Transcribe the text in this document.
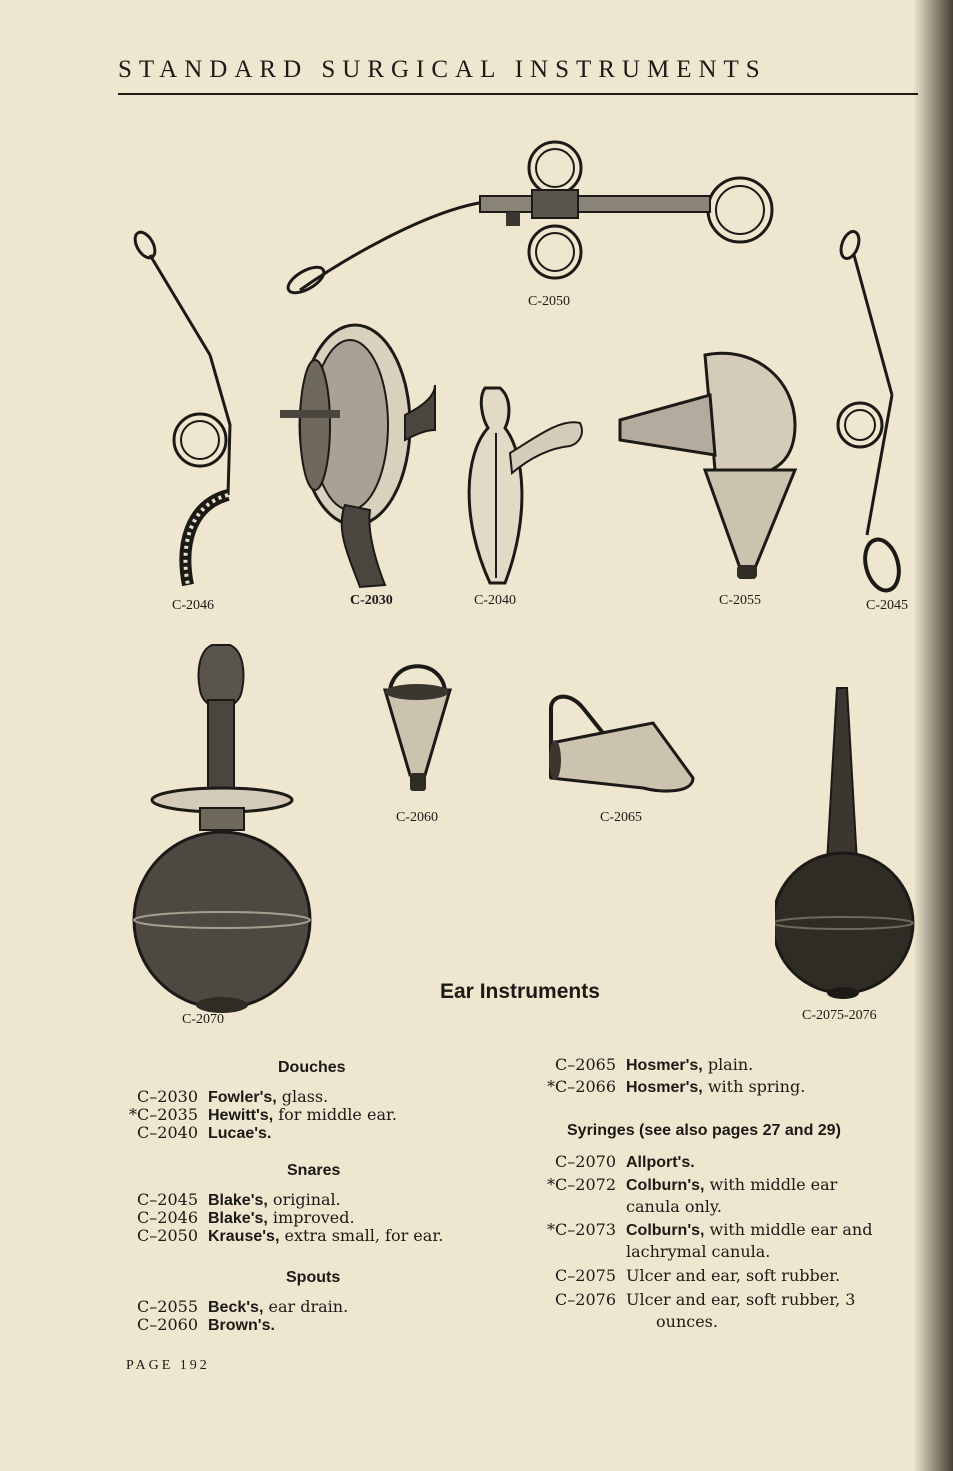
STANDARD SURGICAL INSTRUMENTS
C-2050
C-2046	C-2030	C-2040	C-2055	C-2045
C-2070
C-2060	C-2065
C-2075-2076
Ear Instruments
Douches
C–2030 Fowler's, glass.
*C–2035 Hewitt's, for middle ear.
C–2040 Lucae's.
Snares
C–2045 Blake's, original.
C–2046 Blake's, improved.
C–2050 Krause's, extra small, for ear.
Spouts
C–2055 Beck's, ear drain.
C–2060 Brown's.
C–2065 Hosmer's, plain.
*C–2066 Hosmer's, with spring.
Syringes (see also pages 27 and 29)
C–2070 Allport's.
*C–2072 Colburn's, with middle ear
canula only.
*C–2073 Colburn's, with middle ear and
lachrymal canula.
C–2075 Ulcer and ear, soft rubber.
C–2076 Ulcer and ear, soft rubber, 3
ounces.
PAGE 192
